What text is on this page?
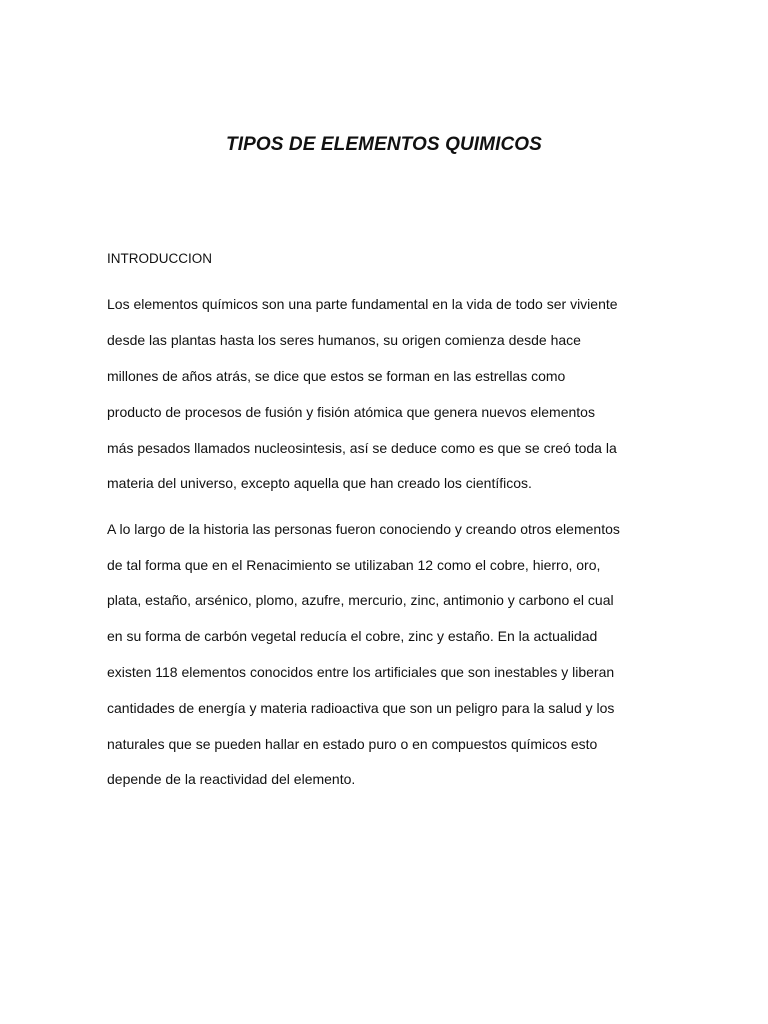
TIPOS DE ELEMENTOS QUIMICOS
INTRODUCCION

Los elementos químicos son una parte fundamental en la vida de todo ser viviente

desde las plantas hasta los seres humanos, su origen comienza desde hace

millones de años atrás, se dice que estos se forman en las estrellas como

producto de procesos de fusión y fisión atómica que genera nuevos elementos

más pesados llamados nucleosintesis, así se deduce como es que se creó toda la

materia del universo, excepto aquella que han creado los científicos.

A lo largo de la historia las personas fueron conociendo y creando otros elementos

de tal forma que en el Renacimiento se utilizaban 12 como el cobre, hierro, oro,

plata, estaño, arsénico, plomo, azufre, mercurio, zinc, antimonio y carbono el cual

en su forma de carbón vegetal reducía el cobre, zinc y estaño. En la actualidad

existen 118 elementos conocidos entre los artificiales que son inestables y liberan

cantidades de energía y materia radioactiva que son un peligro para la salud y los

naturales que se pueden hallar en estado puro o en compuestos químicos esto

depende de la reactividad del elemento.
